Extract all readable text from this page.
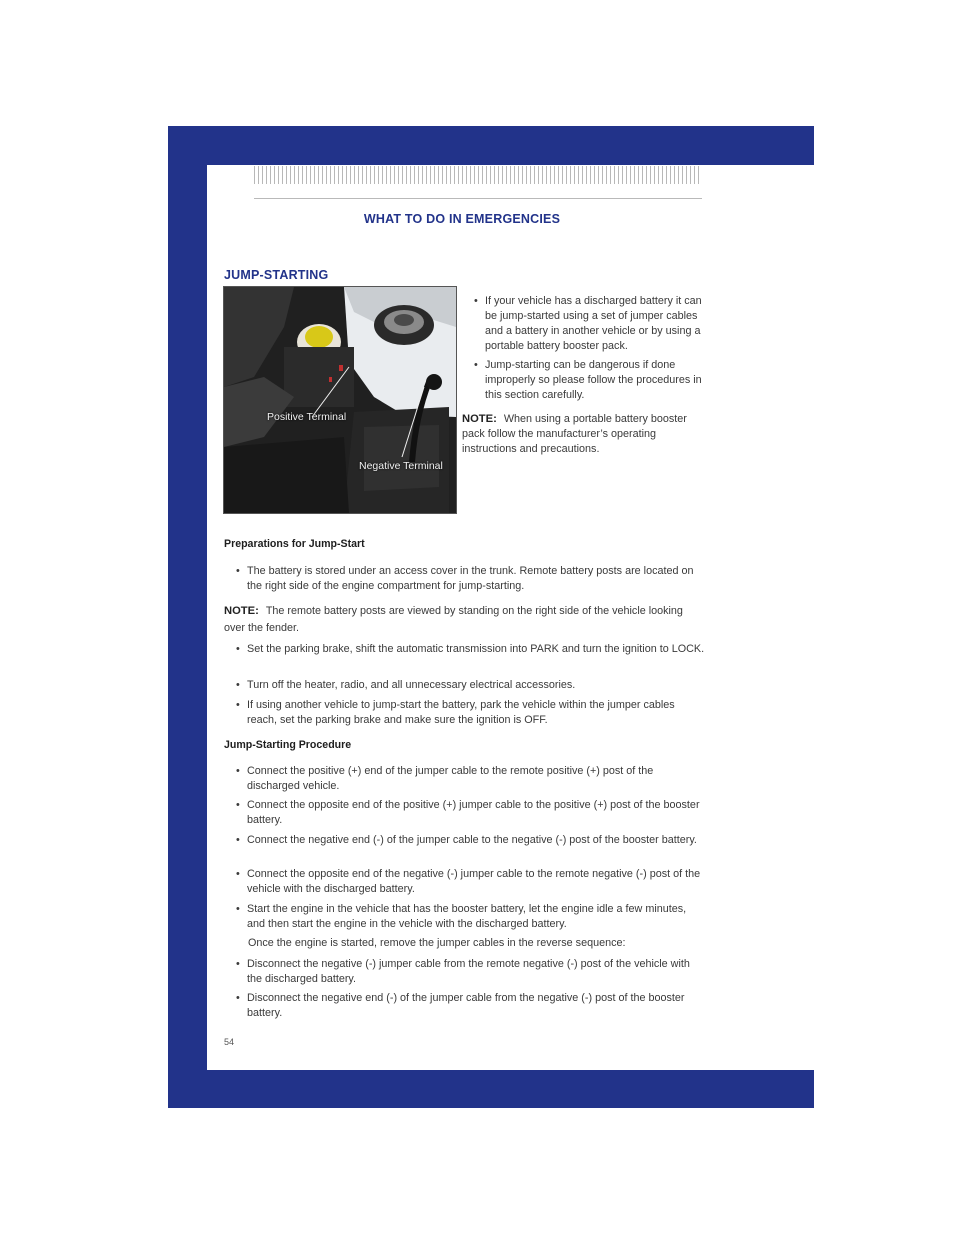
WHAT TO DO IN EMERGENCIES
JUMP-STARTING
Positive Terminal
Negative Terminal
• If your vehicle has a discharged battery it can be jump-started using a set of jumper cables and a battery in another vehicle or by using a portable battery booster pack.
• Jump-starting can be dangerous if done improperly so please follow the procedures in this section carefully.
NOTE: When using a portable battery booster pack follow the manufacturer’s operating instructions and precautions.
Preparations for Jump-Start
• The battery is stored under an access cover in the trunk. Remote battery posts are located on the right side of the engine compartment for jump-starting.
NOTE: The remote battery posts are viewed by standing on the right side of the vehicle looking over the fender.
• Set the parking brake, shift the automatic transmission into PARK and turn the ignition to LOCK.
• Turn off the heater, radio, and all unnecessary electrical accessories.
• If using another vehicle to jump-start the battery, park the vehicle within the jumper cables reach, set the parking brake and make sure the ignition is OFF.
Jump-Starting Procedure
• Connect the positive (+) end of the jumper cable to the remote positive (+) post of the discharged vehicle.
• Connect the opposite end of the positive (+) jumper cable to the positive (+) post of the booster battery.
• Connect the negative end (-) of the jumper cable to the negative (-) post of the booster battery.
• Connect the opposite end of the negative (-) jumper cable to the remote negative (-) post of the vehicle with the discharged battery.
• Start the engine in the vehicle that has the booster battery, let the engine idle a few minutes, and then start the engine in the vehicle with the discharged battery.
Once the engine is started, remove the jumper cables in the reverse sequence:
• Disconnect the negative (-) jumper cable from the remote negative (-) post of the vehicle with the discharged battery.
• Disconnect the negative end (-) of the jumper cable from the negative (-) post of the booster battery.
54
